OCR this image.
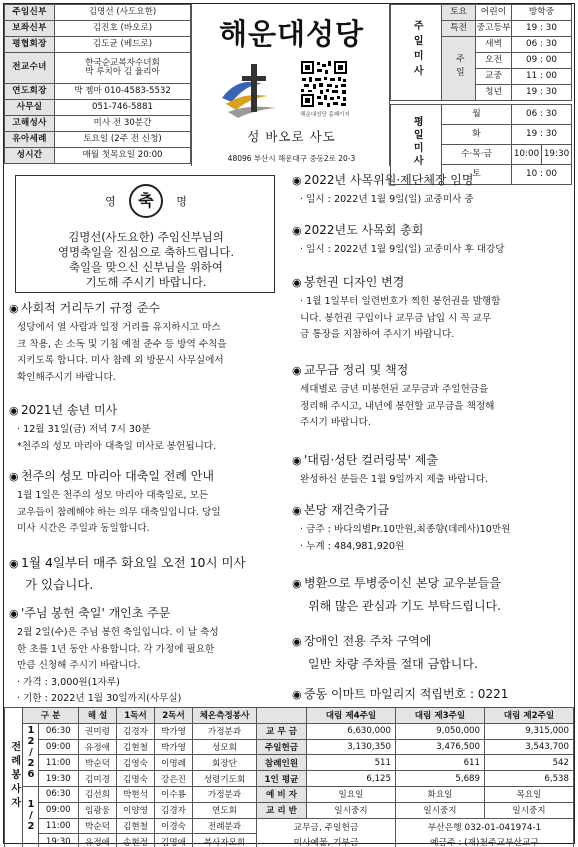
주임신부	김명선 (사도요한)
보좌신부	김진호 (바오로)
평협회장	김도균 (베드로)
전교수녀	한국순교복자수녀회
박 루치아 김 율리아

연도회장	박 젬마 010-4583-5532
사무실	051-746-5881
고해성사	미사 전 30분간
유아세례	토요일 (2주 전 신청)
성시간	매월 첫목요일 20:00
해운대성당
해운대성당 홈페이지
성 바오로 사도
48096 부산시 해운대구 중동2로 20-3
주일미사	토요	어린이	방학중	
	특전	중고등부	19 : 30	
	주일	새벽	06 : 30	
		오전	09 : 00	
		교중	11 : 00	
		청년	19 : 30	

평일미사	월		06 : 30	
	화		19 : 30	
	수·목·금		10:00	19:30
	토		10 : 00	
영 축 명
김명선(사도요한) 주임신부님의
영명축일을 진심으로 축하드립니다.
축일을 맞으신 신부님을 위하여
기도해 주시기 바랍니다.
◉ 사회적 거리두기 규정 준수
성당에서 열 사람과 일정 거리를 유지하시고 마스
크 착용, 손 소독 및 기침 예절 준수 등 방역 수칙을
지키도록 합니다. 미사 참례 외 방문시 사무실에서
확인해주시기 바랍니다.
◉ 2021년 송년 미사
· 12월 31일(금) 저녁 7시 30분
*천주의 성모 마리아 대축일 미사로 봉헌됩니다.
◉ 천주의 성모 마리아 대축일 전례 안내
1월 1일은 천주의 성모 마리아 대축일로, 모든
교우들이 참례해야 하는 의무 대축일입니다. 당일
미사 시간은 주일과 동일합니다.
◉ 1월 4일부터 매주 화요일 오전 10시 미사
가 있습니다.
◉ '주님 봉헌 축일' 개인초 주문
2월 2일(수)은 주님 봉헌 축일입니다. 이 날 축성
한 초를 1년 동안 사용합니다. 각 가정에 필요한
만큼 신청해 주시기 바랍니다.
· 가격 : 3,000원(1자루)
· 기한 : 2022년 1월 30일까지(사무실)
◉ 2022년 사목위원·제단체장 임명
· 일시 : 2022년 1월 9일(일) 교중미사 중
◉ 2022년도 사목회 총회
· 일시 : 2022년 1월 9일(일) 교중미사 후 대강당
◉ 봉헌권 디자인 변경
· 1월 1일부터 일련번호가 찍힌 봉헌권을 발행합
니다. 봉헌권 구입이나 교무금 납입 시 꼭 교무
금 통장을 지참하여 주시기 바랍니다.
◉ 교무금 정리 및 책정
세대별로 금년 미봉헌된 교무금과 주일헌금을
정리해 주시고, 내년에 봉헌할 교무금을 책정해
주시기 바랍니다.
◉ '대림·성탄 컬러링북' 제출
완성하신 분들은 1월 9일까지 제출 바랍니다.
◉ 본당 재건축기금
· 금주 : 바다의별Pr.10만원,최종향(데레사)10만원
· 누계 : 484,981,920원
◉ 병환으로 투병중이신 본당 교우분들을
위해 많은 관심과 기도 부탁드립니다.
◉ 장애인 전용 주차 구역에
일반 차량 주차를 절대 금합니다.
◉ 중동 이마트 마일리지 적립번호 : 0221
전례봉사자	구 분		해 설	1독서	2독서	체온측정봉사		대림 제4주일	대림 제3주일	대림 제2주일
	12/26	06:30	권미령	김경자	박가영	가정분과	교 무 금	6,630,000	9,050,000	9,315,000
		09:00	유정애	김현철	박가영	성모회	주일헌금	3,130,350	3,476,500	3,543,700
		11:00	박순덕	김영숙	이명례	회장단	참례인원	511	611	542
		19:30	김미경	김명숙	강은진	성령기도회	1인 평균	6,125	5,689	6,538
	1/2	06:30	김선희	박현석	이수룡	가정분과	예 비 자	일요일	화요일	목요일
		09:00	임광웅	이양영	김경자	연도회	교 리 반	일시중지	일시중지	일시중지
		11:00	박순덕	김현철	이경숙	전례분과	교무금, 주일헌금		부산은행 032-01-041974-1	
		19:30	유정애	송현정	김명애	복사자모회	미사예물, 기부금		예금주 : (재)천주교부산교구	
